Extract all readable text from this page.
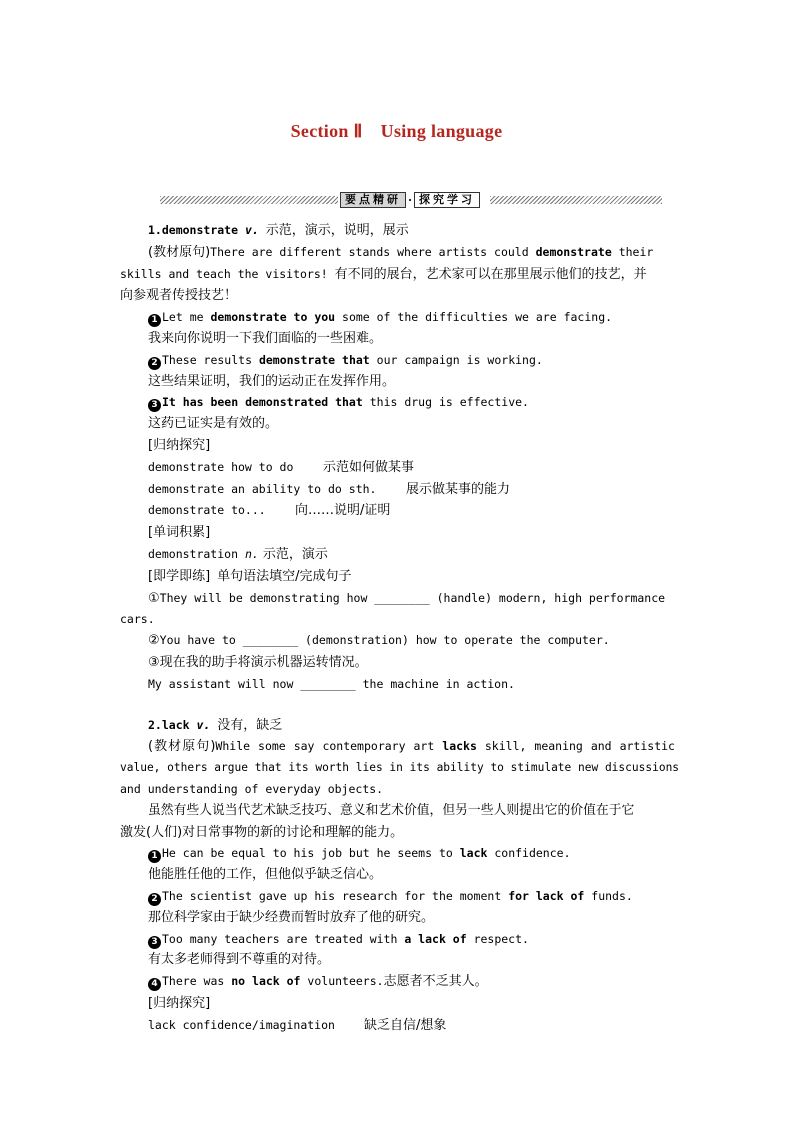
Section Ⅱ Using language
要点精研 · 探究学习
1.demonstrate v. 示范，演示，说明，展示
(教材原句)There are different stands where artists could demonstrate their
skills and teach the visitors! 有不同的展台，艺术家可以在那里展示他们的技艺，并
向参观者传授技艺！
1 Let me demonstrate to you some of the difficulties we are facing.
我来向你说明一下我们面临的一些困难。
2 These results demonstrate that our campaign is working.
这些结果证明，我们的运动正在发挥作用。
3 It has been demonstrated that this drug is effective.
这药已证实是有效的。
[归纳探究]
demonstrate how to do 示范如何做某事
demonstrate an ability to do sth. 展示做某事的能力
demonstrate to... 向……说明/证明
[单词积累]
demonstration n. 示范，演示
[即学即练] 单句语法填空/完成句子
①They will be demonstrating how ________ (handle) modern, high performance
cars.
②You have to ________ (demonstration) how to operate the computer.
③现在我的助手将演示机器运转情况。
My assistant will now ________ the machine in action.
2.lack v. 没有，缺乏
(教材原句)While some say contemporary art lacks skill, meaning and artistic
value, others argue that its worth lies in its ability to stimulate new discussions
and understanding of everyday objects.
虽然有些人说当代艺术缺乏技巧、意义和艺术价值，但另一些人则提出它的价值在于它
激发(人们)对日常事物的新的讨论和理解的能力。
1 He can be equal to his job but he seems to lack confidence.
他能胜任他的工作，但他似乎缺乏信心。
2 The scientist gave up his research for the moment for lack of funds.
那位科学家由于缺少经费而暂时放弃了他的研究。
3 Too many teachers are treated with a lack of respect.
有太多老师得到不尊重的对待。
4 There was no lack of volunteers.志愿者不乏其人。
[归纳探究]
lack confidence/imagination 缺乏自信/想象
